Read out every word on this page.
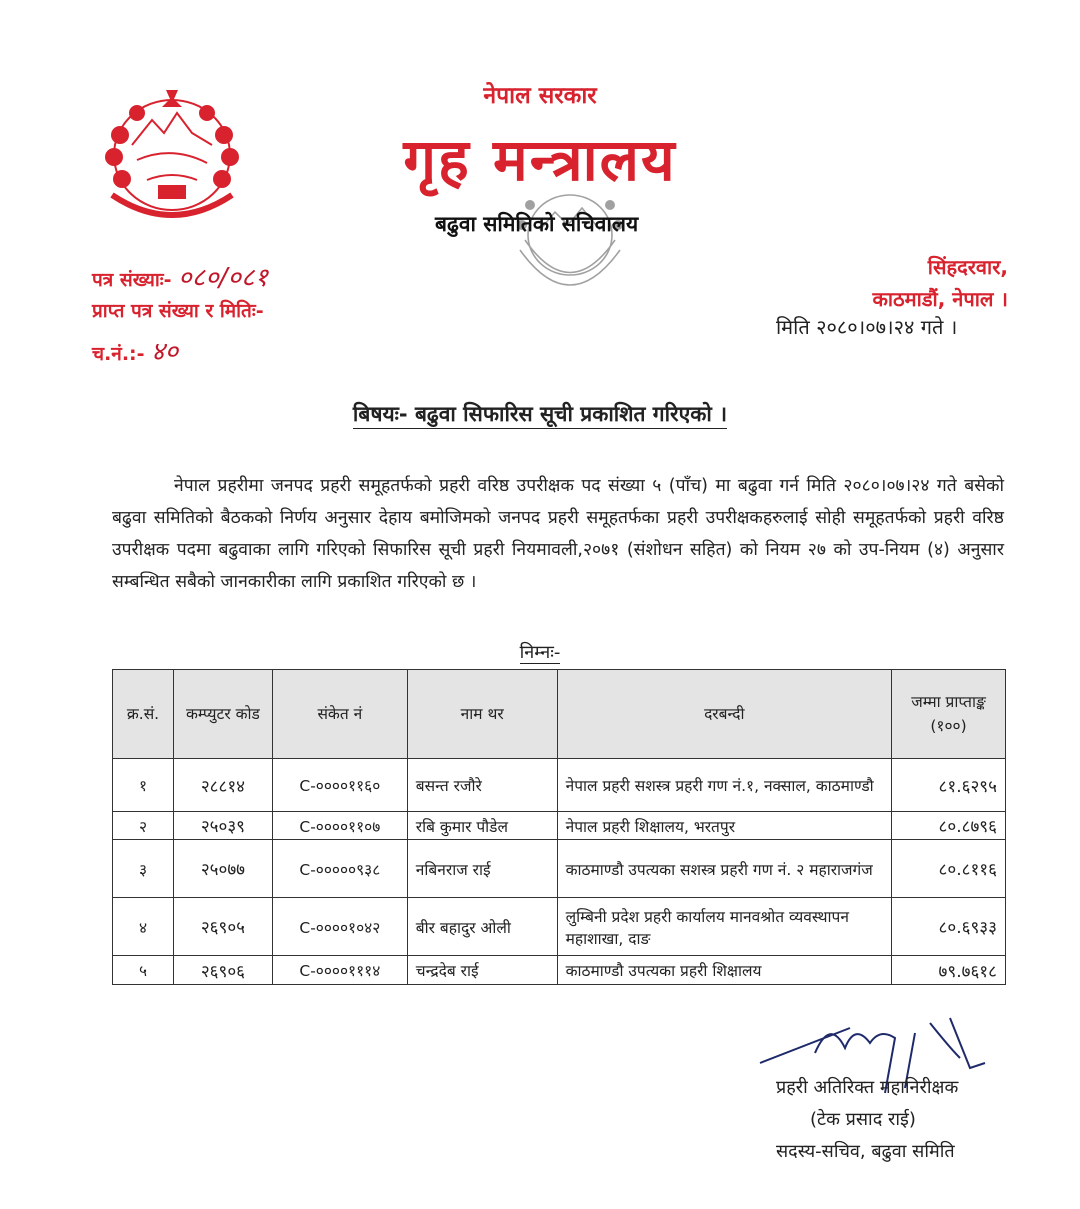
नेपाल सरकार
गृह मन्त्रालय
बढुवा समितिको सचिवालय
पत्र संख्याः- ०८०/०८१
प्राप्त पत्र संख्या र मितिः-
च.नं.:- ४०
सिंहदरवार,
काठमाडौं, नेपाल ।
मिति २०८०।०७।२४ गते ।
बिषयः- बढुवा सिफारिस सूची प्रकाशित गरिएको ।
नेपाल प्रहरीमा जनपद प्रहरी समूहतर्फको प्रहरी वरिष्ठ उपरीक्षक पद संख्या ५ (पाँच) मा बढुवा गर्न मिति २०८०।०७।२४ गते बसेको बढुवा समितिको बैठकको निर्णय अनुसार देहाय बमोजिमको जनपद प्रहरी समूहतर्फका प्रहरी उपरीक्षकहरुलाई सोही समूहतर्फको प्रहरी वरिष्ठ उपरीक्षक पदमा बढुवाका लागि गरिएको सिफारिस सूची प्रहरी नियमावली,२०७१ (संशोधन सहित) को नियम २७ को उप-नियम (४) अनुसार सम्बन्धित सबैको जानकारीका लागि प्रकाशित गरिएको छ ।
निम्नः-
क्र.सं.	कम्प्युटर कोड	संकेत नं	नाम थर	दरबन्दी	जम्मा प्राप्ताङ्क (१००)
१	२८८१४	C-००००११६०	बसन्त रजौरे	नेपाल प्रहरी सशस्त्र प्रहरी गण नं.१, नक्साल, काठमाण्डौ	८१.६२९५
२	२५०३९	C-००००११०७	रबि कुमार पौडेल	नेपाल प्रहरी शिक्षालय, भरतपुर	८०.८७९६
३	२५०७७	C-०००००९३८	नबिनराज राई	काठमाण्डौ उपत्यका सशस्त्र प्रहरी गण नं. २ महाराजगंज	८०.८११६
४	२६९०५	C-००००१०४२	बीर बहादुर ओली	लुम्बिनी प्रदेश प्रहरी कार्यालय मानवश्रोत व्यवस्थापन महाशाखा, दाङ	८०.६९३३
५	२६९०६	C-००००१११४	चन्द्रदेब राई	काठमाण्डौ उपत्यका प्रहरी शिक्षालय	७९.७६१८
प्रहरी अतिरिक्त महानिरीक्षक
(टेक प्रसाद राई)
सदस्य-सचिव, बढुवा समिति
